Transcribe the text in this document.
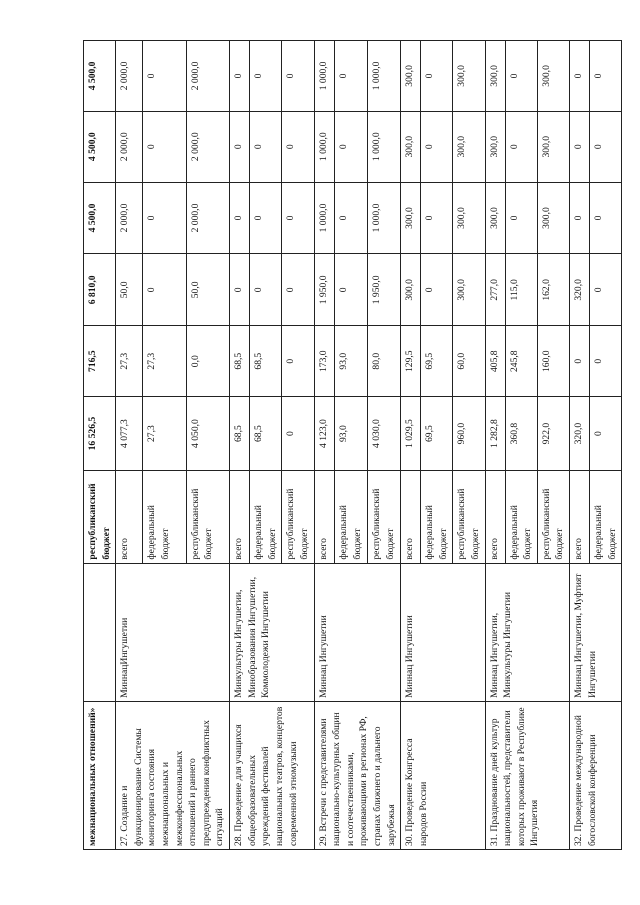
межнациональных отношений»		республиканский бюджет	16 526,5	716,5	6 810,0	4 500,0	4 500,0	4 500,0
27. Создание и функционирование Системы мониторинга состояния межнациональных и межконфессиональных отношений и раннего предупреждения конфликтных ситуаций	МиннацИнгушетии	всего	4 077,3	27,3	50,0	2 000,0	2 000,0	2 000,0
		федеральный бюджет	27,3	27,3	0	0	0	0
		республиканский бюджет	4 050,0	0,0	50,0	2 000,0	2 000,0	2 000,0
28. Проведение для учащихся общеобразовательных учреждений фестивалей национальных театров, концертов современной этномузыки	Минкультуры Ингушетии, Минобразования Ингушетии, Коммолодежи Ингушетии	всего	68,5	68,5	0	0	0	0
		федеральный бюджет	68,5	68,5	0	0	0	0
		республиканский бюджет	0	0	0	0	0	0
29. Встречи с представителями национально-культурных общин и соотечественниками, проживающими в регионах РФ, странах ближнего и дальнего зарубежья	Миннац Ингушетии	всего	4 123,0	173,0	1 950,0	1 000,0	1 000,0	1 000,0
		федеральный бюджет	93,0	93,0	0	0	0	0
		республиканский бюджет	4 030,0	80,0	1 950,0	1 000,0	1 000,0	1 000,0
30. Проведение Конгресса народов России	Миннац Ингушетии	всего	1 029,5	129,5	300,0	300,0	300,0	300,0
		федеральный бюджет	69,5	69,5	0	0	0	0
		республиканский бюджет	960,0	60,0	300,0	300,0	300,0	300,0
31. Празднование дней культур национальностей, представители которых проживают в Республике Ингушетия	Миннац Ингушетии, Минкультуры Ингушетии	всего	1 282,8	405,8	277,0	300,0	300,0	300,0
		федеральный бюджет	360,8	245,8	115,0	0	0	0
		республиканский бюджет	922,0	160,0	162,0	300,0	300,0	300,0
32. Проведение международной богословской конференции	Миннац Ингушетии, Муфтият Ингушетии	всего	320,0	0	320,0	0	0	0
		федеральный бюджет	0	0	0	0	0	0
